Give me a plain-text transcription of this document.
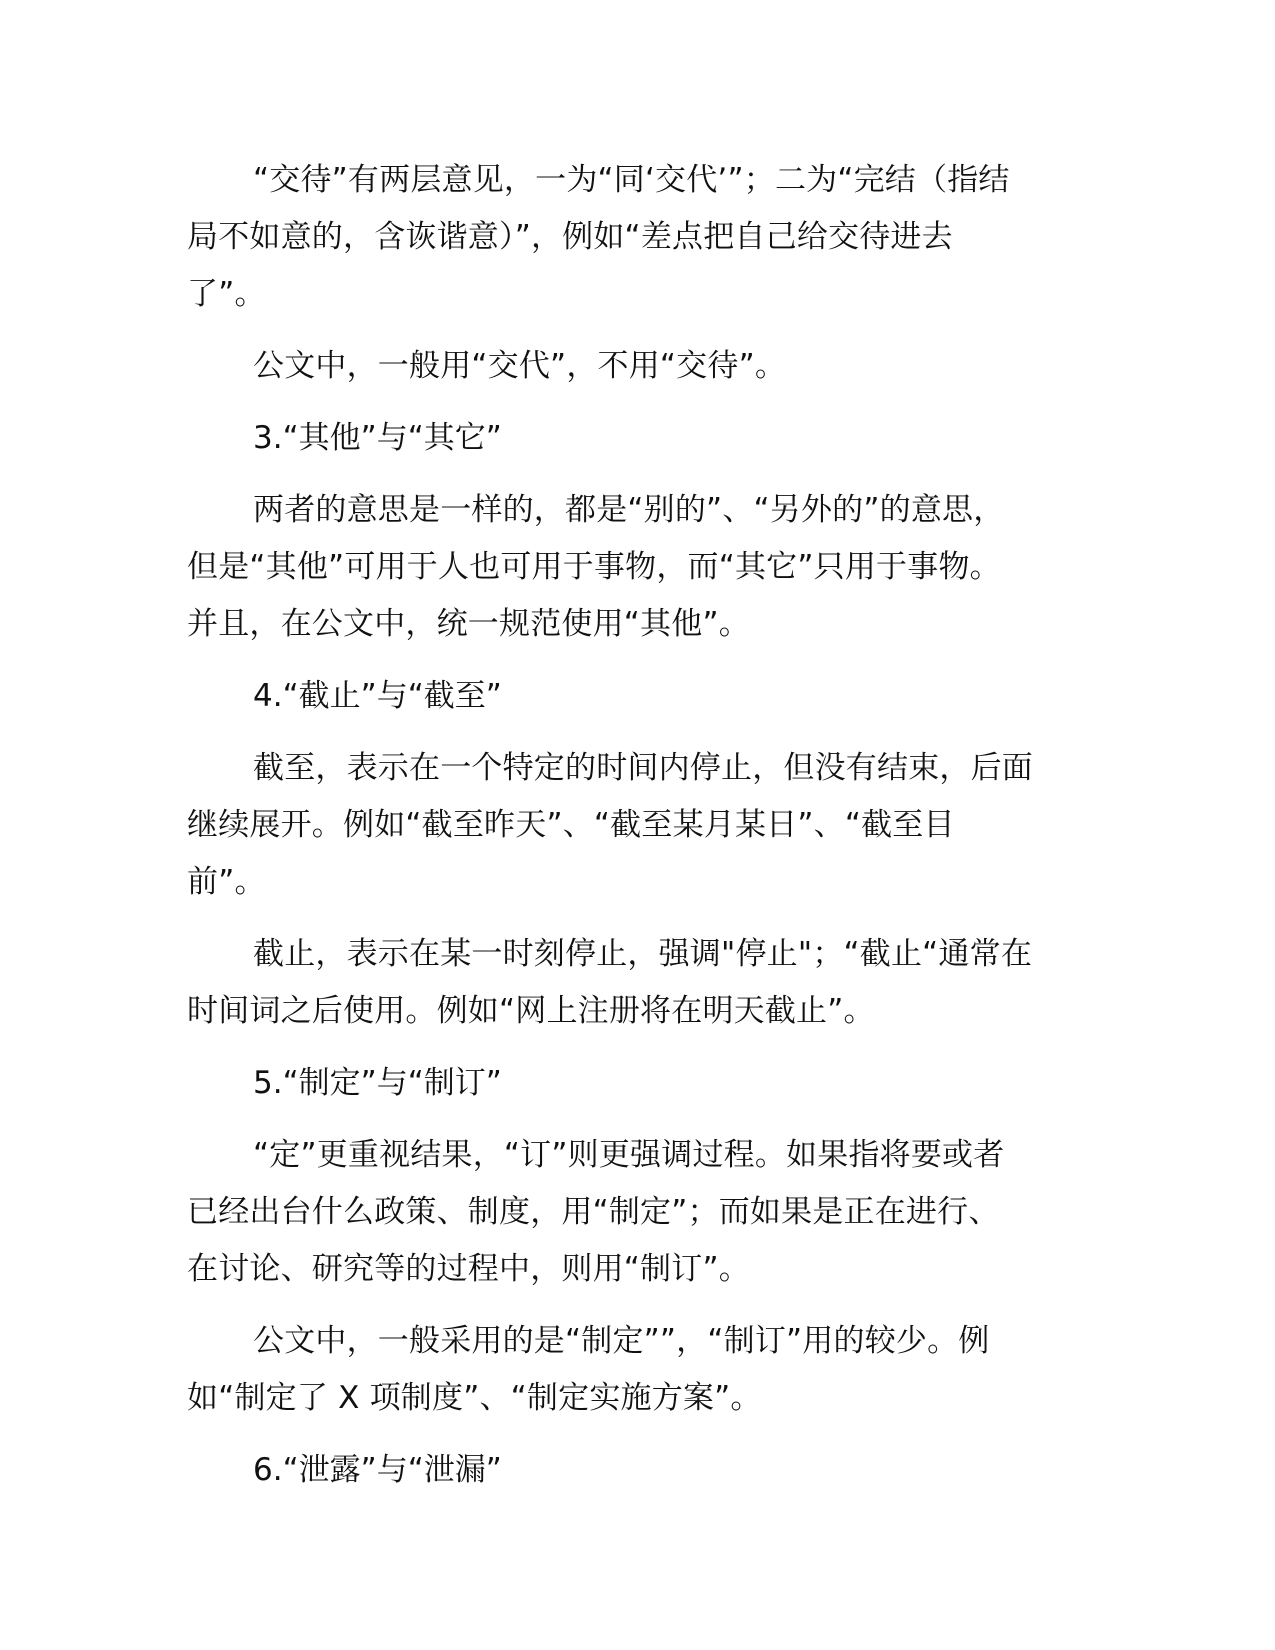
“交待”有两层意见，一为“同‘交代’”；二为“完结（指结
局不如意的，含诙谐意）”，例如“差点把自己给交待进去
了”。

公文中，一般用“交代”，不用“交待”。

3.“其他”与“其它”

两者的意思是一样的，都是“别的”、“另外的”的意思，
但是“其他”可用于人也可用于事物，而“其它”只用于事物。
并且，在公文中，统一规范使用“其他”。

4.“截止”与“截至”

截至，表示在一个特定的时间内停止，但没有结束，后面
继续展开。例如“截至昨天”、“截至某月某日”、“截至目
前”。

截止，表示在某一时刻停止，强调"停止"；“截止“通常在
时间词之后使用。例如“网上注册将在明天截止”。

5.“制定”与“制订”

“定”更重视结果，“订”则更强调过程。如果指将要或者
已经出台什么政策、制度，用“制定”；而如果是正在进行、
在讨论、研究等的过程中，则用“制订”。

公文中，一般采用的是“制定””，“制订”用的较少。例
如“制定了 X 项制度”、“制定实施方案”。

6.“泄露”与“泄漏”
